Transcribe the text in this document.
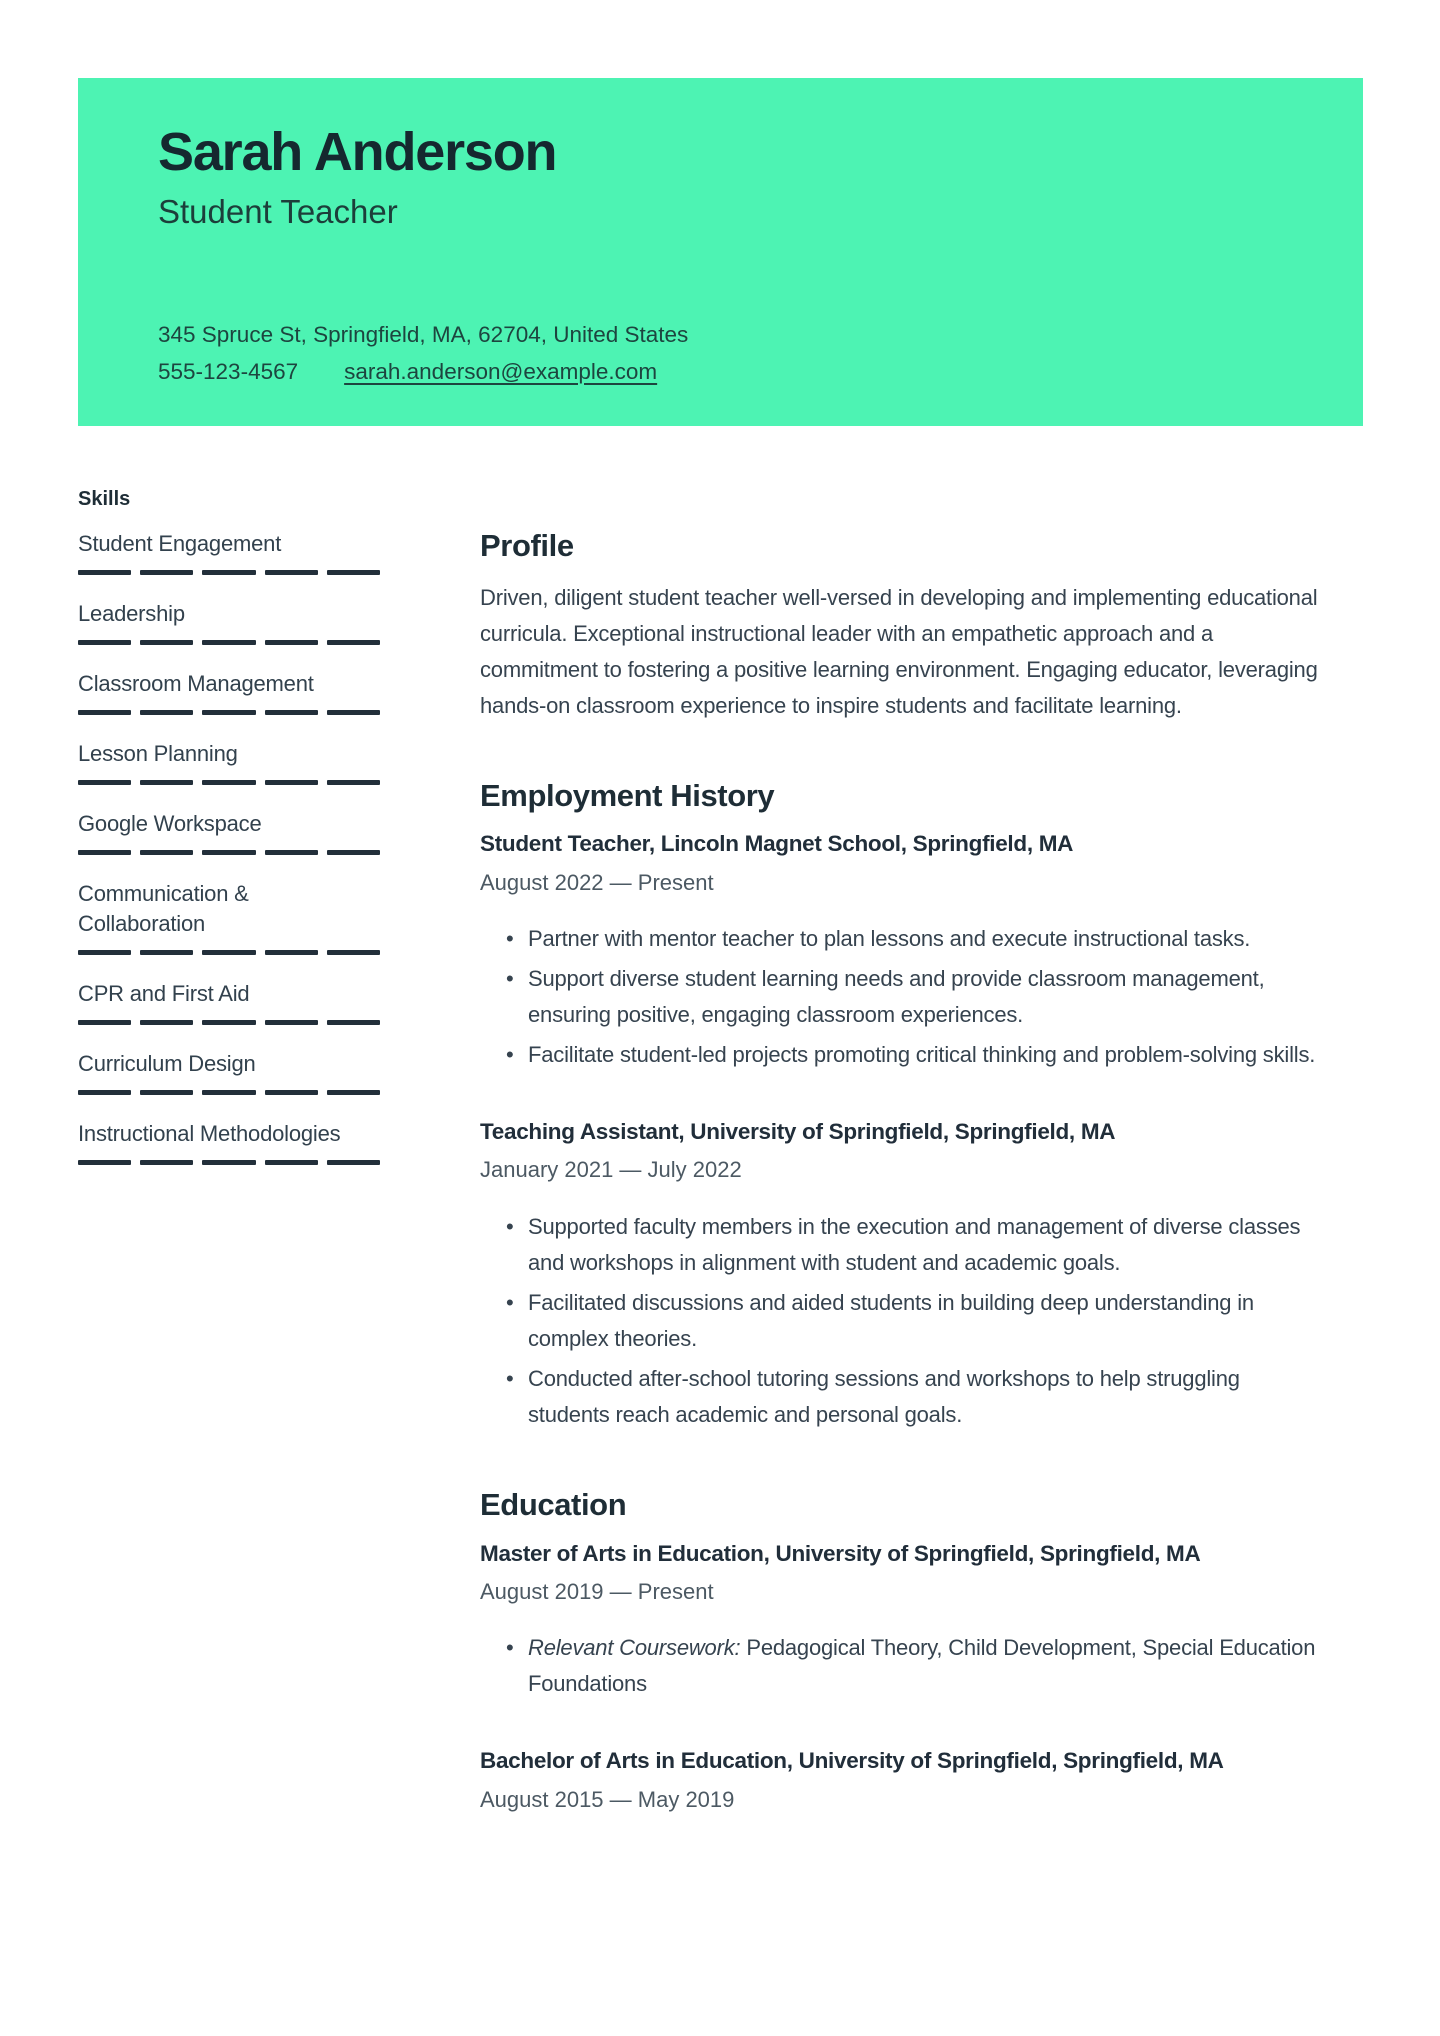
Sarah Anderson
Student Teacher
345 Spruce St, Springfield, MA, 62704, United States
555-123-4567 sarah.anderson@example.com
Skills
Student Engagement
Leadership
Classroom Management
Lesson Planning
Google Workspace
Communication & Collaboration
CPR and First Aid
Curriculum Design
Instructional Methodologies
Profile

Driven, diligent student teacher well-versed in developing and implementing educational curricula. Exceptional instructional leader with an empathetic approach and a commitment to fostering a positive learning environment. Engaging educator, leveraging hands-on classroom experience to inspire students and facilitate learning.

Employment History
Student Teacher, Lincoln Magnet School, Springfield, MA
August 2022 — Present
• Partner with mentor teacher to plan lessons and execute instructional tasks.
• Support diverse student learning needs and provide classroom management, ensuring positive, engaging classroom experiences.
• Facilitate student-led projects promoting critical thinking and problem-solving skills.
Teaching Assistant, University of Springfield, Springfield, MA
January 2021 — July 2022
• Supported faculty members in the execution and management of diverse classes and workshops in alignment with student and academic goals.
• Facilitated discussions and aided students in building deep understanding in complex theories.
• Conducted after-school tutoring sessions and workshops to help struggling students reach academic and personal goals.
Education
Master of Arts in Education, University of Springfield, Springfield, MA
August 2019 — Present
• Relevant Coursework: Pedagogical Theory, Child Development, Special Education Foundations
Bachelor of Arts in Education, University of Springfield, Springfield, MA
August 2015 — May 2019
